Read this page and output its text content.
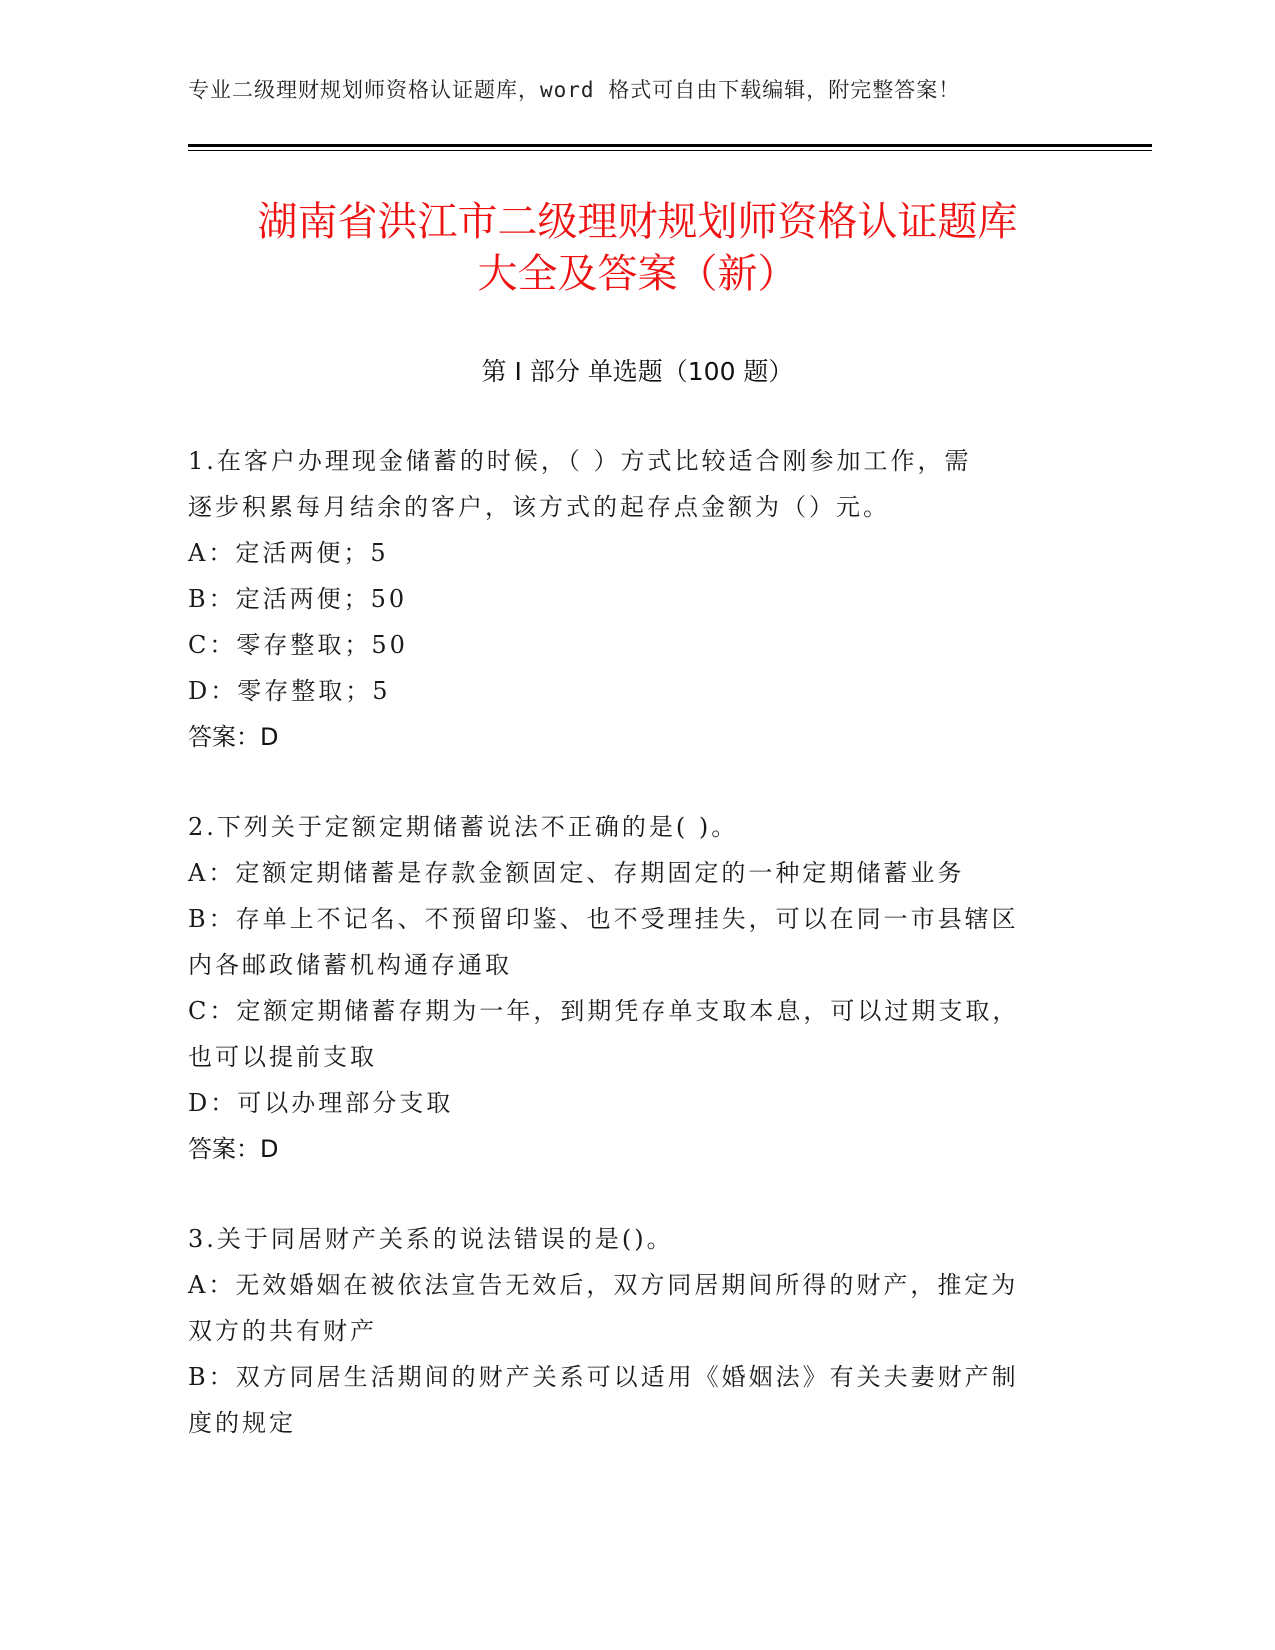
专业二级理财规划师资格认证题库，word 格式可自由下载编辑，附完整答案！
湖南省洪江市二级理财规划师资格认证题库
大全及答案（新）
第 I 部分 单选题（100 题）
1.在客户办理现金储蓄的时候，（ ）方式比较适合刚参加工作，需
逐步积累每月结余的客户，该方式的起存点金额为（）元。
A：定活两便；5
B：定活两便；50
C：零存整取；50
D：零存整取；5
答案：D
2.下列关于定额定期储蓄说法不正确的是( )。
A：定额定期储蓄是存款金额固定、存期固定的一种定期储蓄业务
B：存单上不记名、不预留印鉴、也不受理挂失，可以在同一市县辖区
内各邮政储蓄机构通存通取
C：定额定期储蓄存期为一年，到期凭存单支取本息，可以过期支取，
也可以提前支取
D：可以办理部分支取
答案：D
3.关于同居财产关系的说法错误的是()。
A：无效婚姻在被依法宣告无效后，双方同居期间所得的财产，推定为
双方的共有财产
B：双方同居生活期间的财产关系可以适用《婚姻法》有关夫妻财产制
度的规定
